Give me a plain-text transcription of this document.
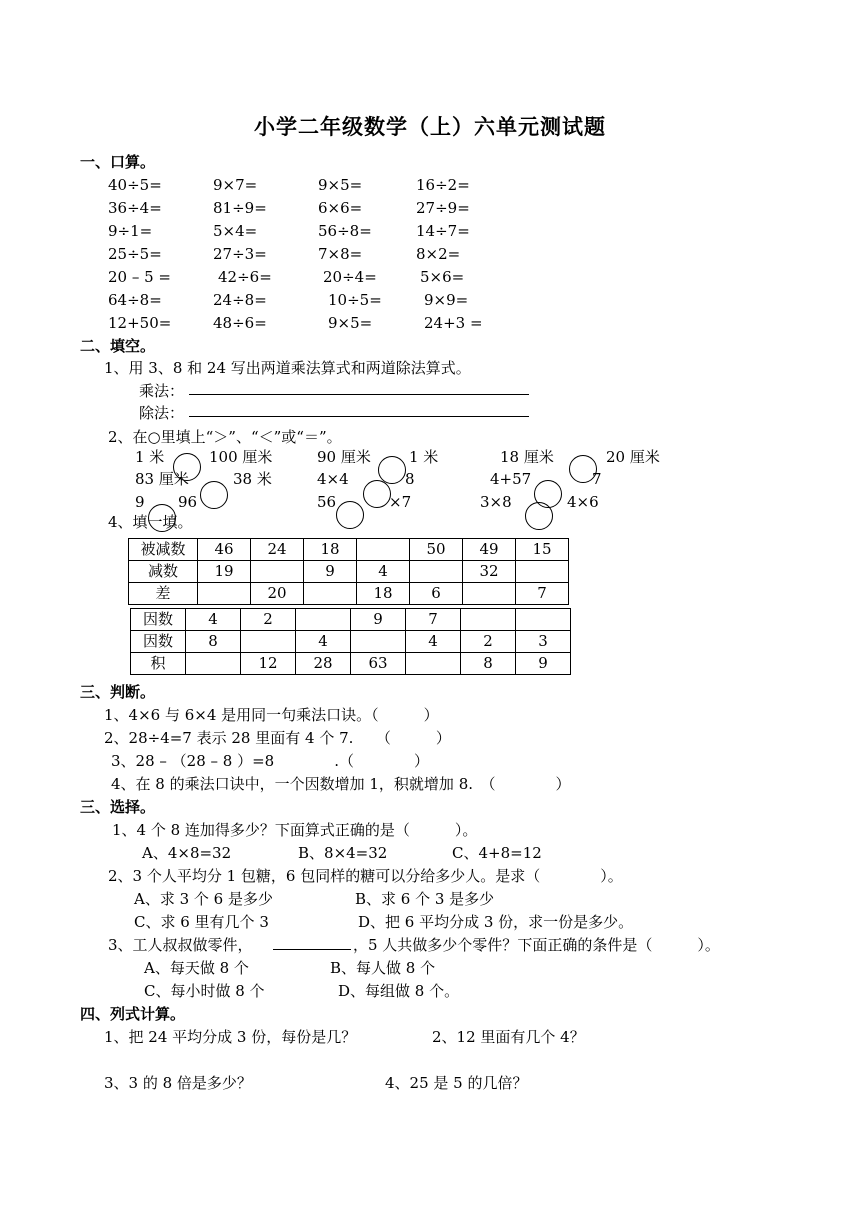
小学二年级数学（上）六单元测试题
一、口算。
40÷5=	9×7=	9×5=	16÷2=
36÷4=	81÷9=	6×6=	27÷9=
9÷1=	5×4=	56÷8=	14÷7=
25÷5=	27÷3=	7×8=	8×2=
20 – 5 =	42÷6=	20÷4=	5×6=
64÷8=	24÷8=	10÷5=	9×9=
12+50=	48÷6=	9×5=	24+3 =
二、填空。
1、用 3、8 和 24 写出两道乘法算式和两道除法算式。
乘法：
除法：
2、在○里填上“＞”、“＜”或“＝”。
1 米	100 厘米	90 厘米	1 米	18 厘米	20 厘米
83 厘米	38 米	4×4	8	4+57	7
9 96	56	×7	3×8	4×6
4、填一填。
被减数	46	24	18		50	49	15
减数	19		9	4		32	
差		20		18	6		7
因数	4	2		9	7		
因数	8		4		4	2	3
积		12	28	63		8	9
三、判断。
1、4×6 与 6×4 是用同一句乘法口诀。（　　　）
2、28÷4=7 表示 28 里面有 4 个 7.　　（　　　）
3、28 – （28 – 8 ）=8　　　　.（　　　　）
4、在 8 的乘法口诀中，一个因数增加 1，积就增加 8.　（　　　　）
三、选择。
1、4 个 8 连加得多少？下面算式正确的是（　　　）。
A、4×8=32	B、8×4=32	C、4+8=12
2、3 个人平均分 1 包糖，6 包同样的糖可以分给多少人。是求（　　　　）。
A、求 3 个 6 是多少	B、求 6 个 3 是多少
C、求 6 里有几个 3	D、把 6 平均分成 3 份，求一份是多少。
3、工人叔叔做零件，	，5 人共做多少个零件？下面正确的条件是（　　　）。
A、每天做 8 个	B、每人做 8 个
C、每小时做 8 个	D、每组做 8 个。
四、列式计算。
1、把 24 平均分成 3 份，每份是几？	2、12 里面有几个 4？
3、3 的 8 倍是多少？	4、25 是 5 的几倍？
